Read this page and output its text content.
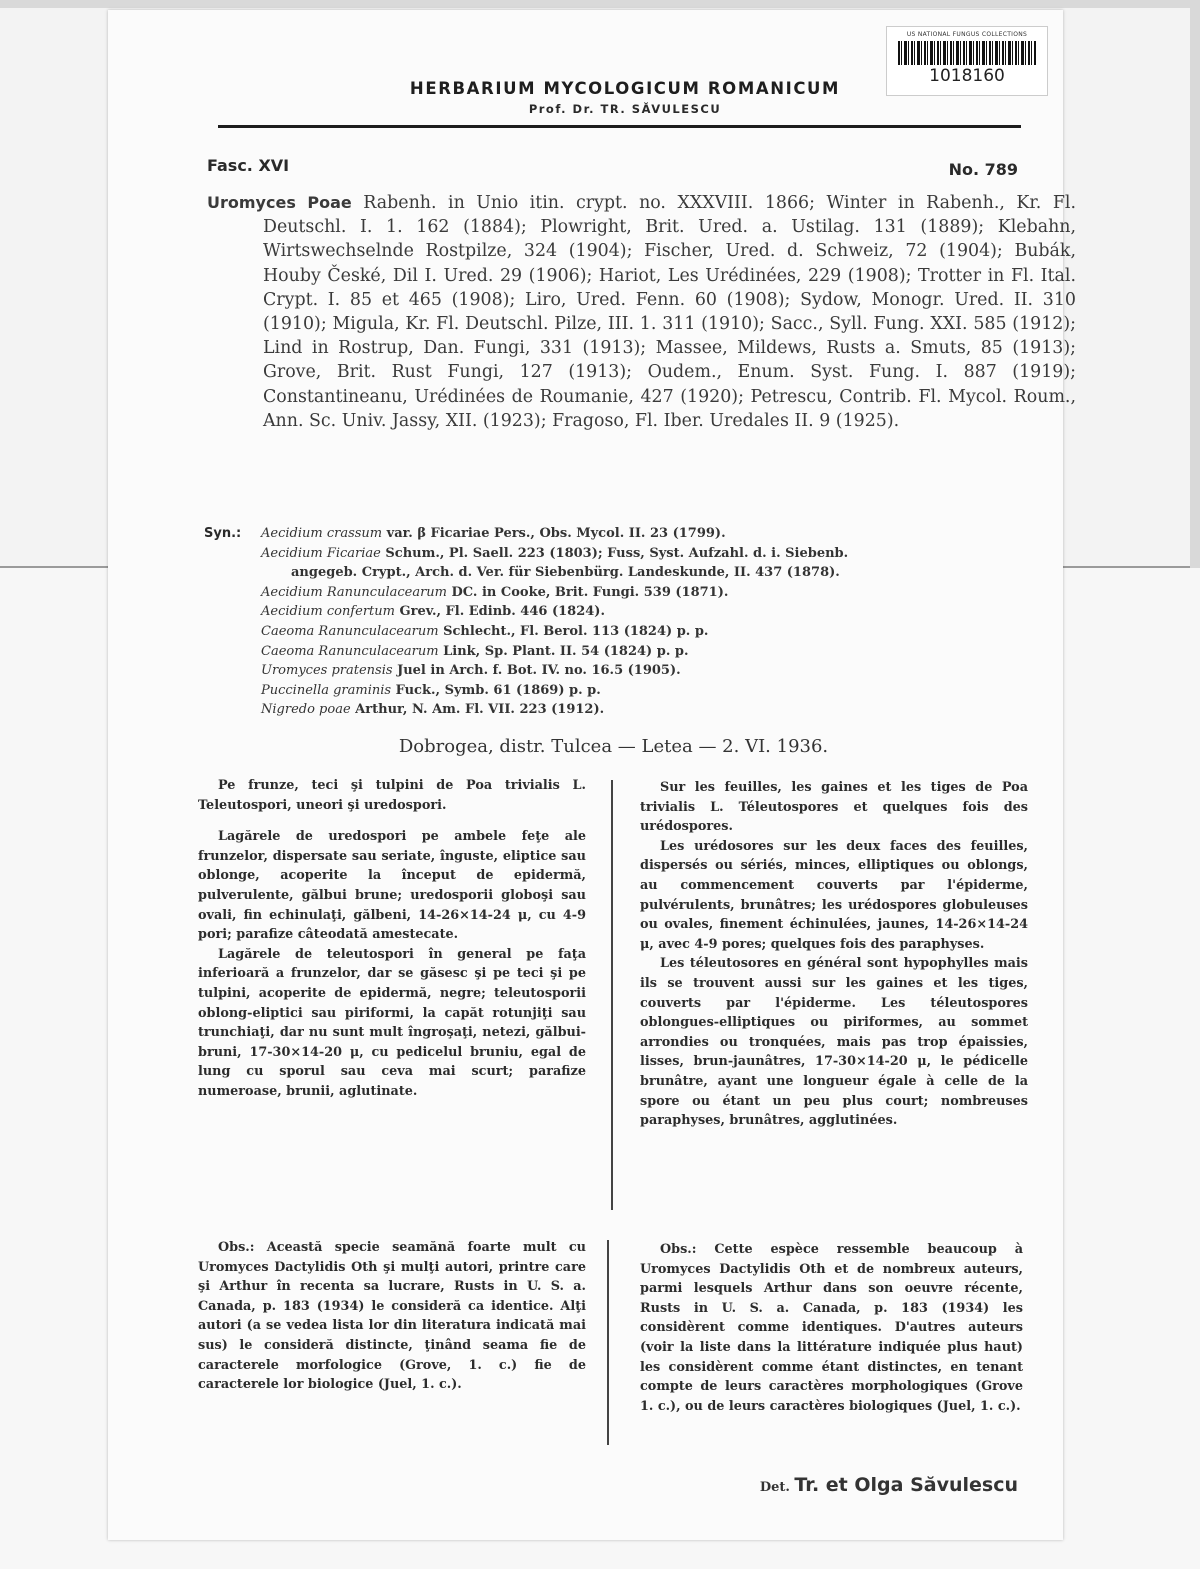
US NATIONAL FUNGUS COLLECTIONS
1018160
HERBARIUM MYCOLOGICUM ROMANICUM
Prof. Dr. TR. SĂVULESCU
Fasc. XVI	No. 789
Uromyces Poae Rabenh. in Unio itin. crypt. no. XXXVIII. 1866; Winter in Rabenh., Kr. Fl. Deutschl. I. 1. 162 (1884); Plowright, Brit. Ured. a. Ustilag. 131 (1889); Klebahn, Wirtswechselnde Rostpilze, 324 (1904); Fischer, Ured. d. Schweiz, 72 (1904); Bubák, Houby České, Dil I. Ured. 29 (1906); Hariot, Les Urédinées, 229 (1908); Trotter in Fl. Ital. Crypt. I. 85 et 465 (1908); Liro, Ured. Fenn. 60 (1908); Sydow, Monogr. Ured. II. 310 (1910); Migula, Kr. Fl. Deutschl. Pilze, III. 1. 311 (1910); Sacc., Syll. Fung. XXI. 585 (1912); Lind in Rostrup, Dan. Fungi, 331 (1913); Massee, Mildews, Rusts a. Smuts, 85 (1913); Grove, Brit. Rust Fungi, 127 (1913); Oudem., Enum. Syst. Fung. I. 887 (1919); Constantineanu, Urédinées de Roumanie, 427 (1920); Petrescu, Contrib. Fl. Mycol. Roum., Ann. Sc. Univ. Jassy, XII. (1923); Fragoso, Fl. Iber. Uredales II. 9 (1925).
Syn.: Aecidium crassum var. β Ficariae Pers., Obs. Mycol. II. 23 (1799).
Aecidium Ficariae Schum., Pl. Saell. 223 (1803); Fuss, Syst. Aufzahl. d. i. Siebenb.
angegeb. Crypt., Arch. d. Ver. für Siebenbürg. Landeskunde, II. 437 (1878).
Aecidium Ranunculacearum DC. in Cooke, Brit. Fungi. 539 (1871).
Aecidium confertum Grev., Fl. Edinb. 446 (1824).
Caeoma Ranunculacearum Schlecht., Fl. Berol. 113 (1824) p. p.
Caeoma Ranunculacearum Link, Sp. Plant. II. 54 (1824) p. p.
Uromyces pratensis Juel in Arch. f. Bot. IV. no. 16.5 (1905).
Puccinella graminis Fuck., Symb. 61 (1869) p. p.
Nigredo poae Arthur, N. Am. Fl. VII. 223 (1912).
Dobrogea, distr. Tulcea — Letea — 2. VI. 1936.

Pe frunze, teci şi tulpini de Poa trivialis L. Teleutospori, uneori şi uredospori.

Lagărele de uredospori pe ambele feţe ale frunzelor, dispersate sau seriate, înguste, eliptice sau oblonge, acoperite la început de epidermă, pulverulente, gălbui brune; uredosporii globoşi sau ovali, fin echinulaţi, gălbeni, 14-26×14-24 μ, cu 4-9 pori; parafize câteodată amestecate.

Lagărele de teleutospori în general pe faţa inferioară a frunzelor, dar se găsesc şi pe teci şi pe tulpini, acoperite de epidermă, negre; teleutosporii oblong-eliptici sau piriformi, la capăt rotunjiţi sau trunchiaţi, dar nu sunt mult îngroşaţi, netezi, gălbui-bruni, 17-30×14-20 μ, cu pedicelul bruniu, egal de lung cu sporul sau ceva mai scurt; parafize numeroase, brunii, aglutinate.

Sur les feuilles, les gaines et les tiges de Poa trivialis L. Téleutospores et quelques fois des urédospores.

Les urédosores sur les deux faces des feuilles, dispersés ou sériés, minces, elliptiques ou oblongs, au commencement couverts par l'épiderme, pulvérulents, brunâtres; les urédospores globuleuses ou ovales, finement échinulées, jaunes, 14-26×14-24 μ, avec 4-9 pores; quelques fois des paraphyses.

Les téleutosores en général sont hypophylles mais ils se trouvent aussi sur les gaines et les tiges, couverts par l'épiderme. Les téleutospores oblongues-elliptiques ou piriformes, au sommet arrondies ou tronquées, mais pas trop épaissies, lisses, brun-jaunâtres, 17-30×14-20 μ, le pédicelle brunâtre, ayant une longueur égale à celle de la spore ou étant un peu plus court; nombreuses paraphyses, brunâtres, agglutinées.

Obs.: Această specie seamănă foarte mult cu Uromyces Dactylidis Oth şi mulţi autori, printre care şi Arthur în recenta sa lucrare, Rusts in U. S. a. Canada, p. 183 (1934) le consideră ca identice. Alţi autori (a se vedea lista lor din literatura indicată mai sus) le consideră distincte, ţinând seama fie de caracterele morfologice (Grove, 1. c.) fie de caracterele lor biologice (Juel, 1. c.).

Obs.: Cette espèce ressemble beaucoup à Uromyces Dactylidis Oth et de nombreux auteurs, parmi lesquels Arthur dans son oeuvre récente, Rusts in U. S. a. Canada, p. 183 (1934) les considèrent comme identiques. D'autres auteurs (voir la liste dans la littérature indiquée plus haut) les considèrent comme étant distinctes, en tenant compte de leurs caractères morphologiques (Grove 1. c.), ou de leurs caractères biologiques (Juel, 1. c.).

Det. Tr. et Olga Săvulescu
